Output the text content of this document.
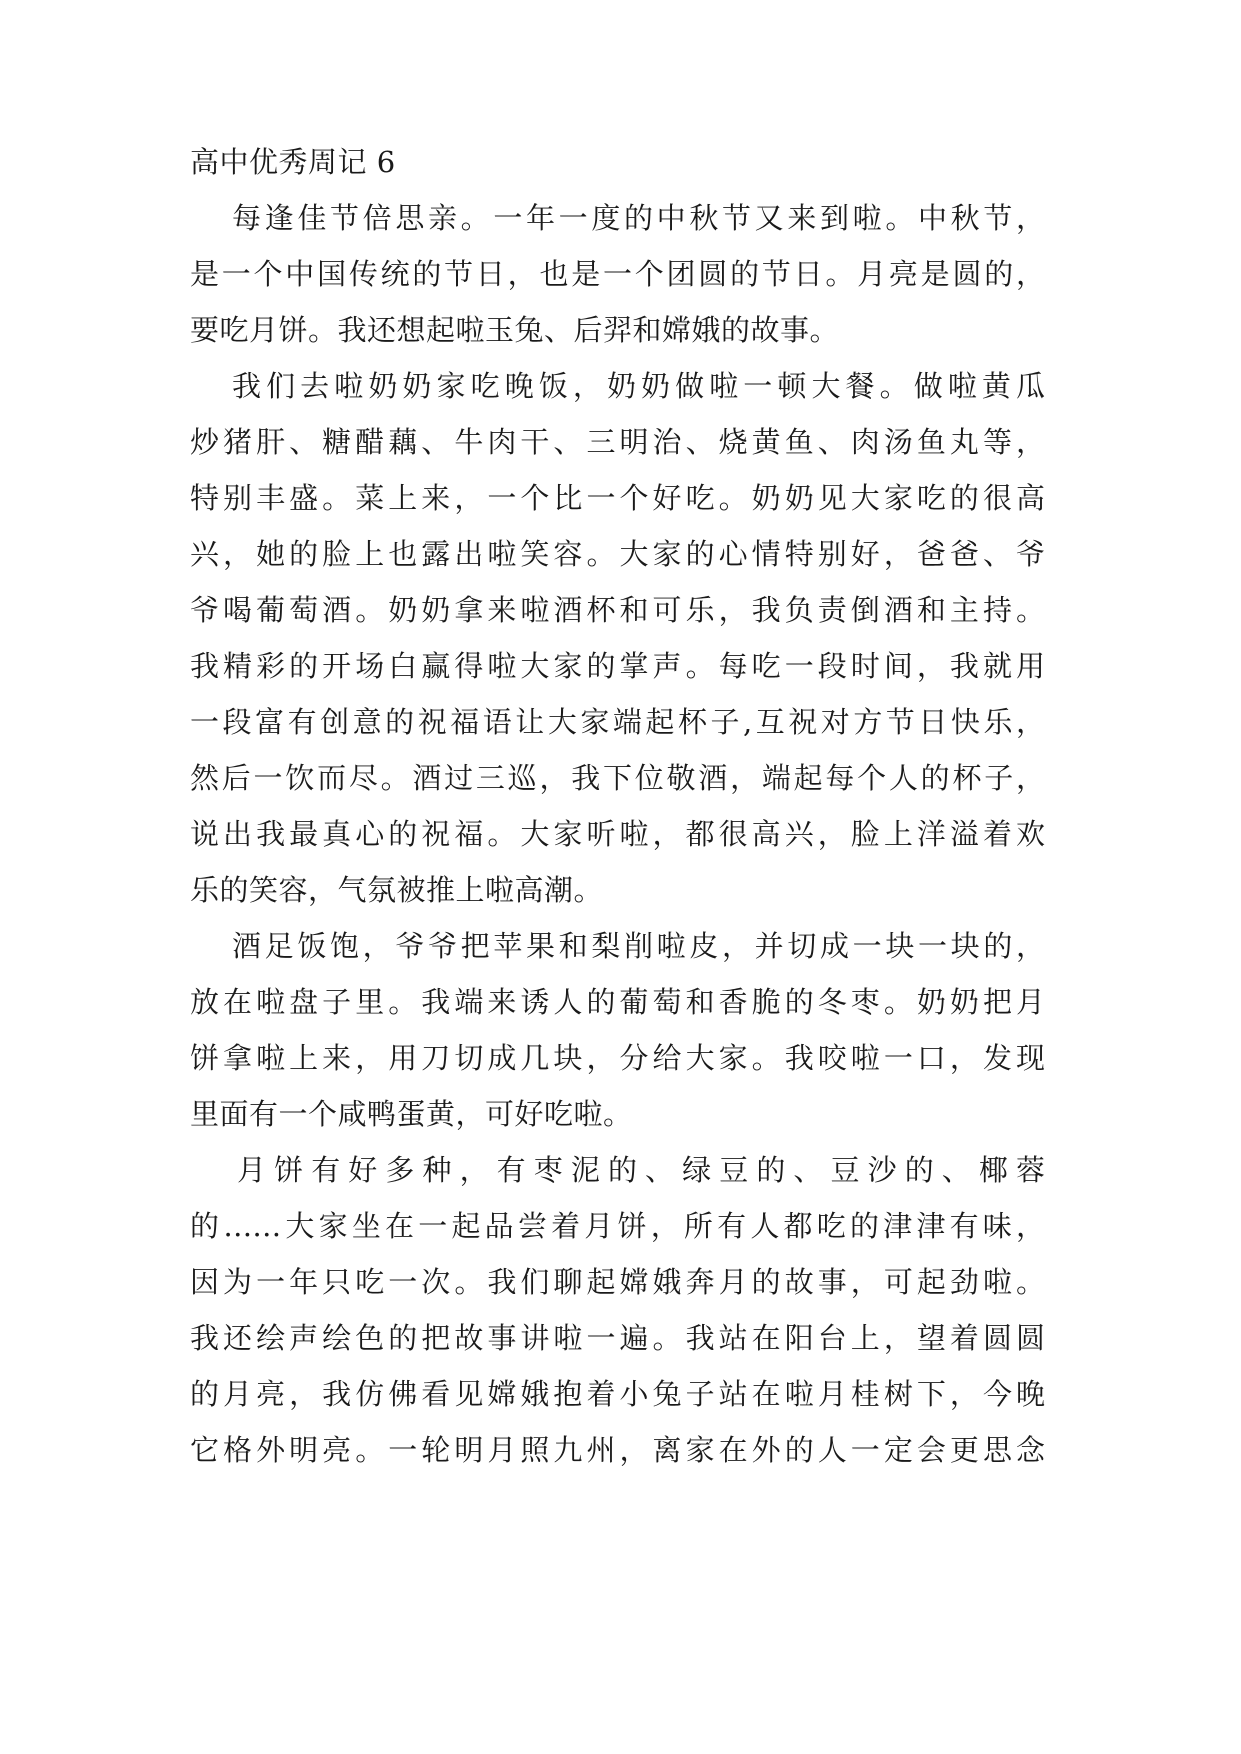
高中优秀周记 6
每逢佳节倍思亲。一年一度的中秋节又来到啦。中秋节，
是一个中国传统的节日，也是一个团圆的节日。月亮是圆的，
要吃月饼。我还想起啦玉兔、后羿和嫦娥的故事。
我们去啦奶奶家吃晚饭，奶奶做啦一顿大餐。做啦黄瓜
炒猪肝、糖醋藕、牛肉干、三明治、烧黄鱼、肉汤鱼丸等，
特别丰盛。菜上来，一个比一个好吃。奶奶见大家吃的很高
兴，她的脸上也露出啦笑容。大家的心情特别好，爸爸、爷
爷喝葡萄酒。奶奶拿来啦酒杯和可乐，我负责倒酒和主持。
我精彩的开场白赢得啦大家的掌声。每吃一段时间，我就用
一段富有创意的祝福语让大家端起杯子,互祝对方节日快乐，
然后一饮而尽。酒过三巡，我下位敬酒，端起每个人的杯子，
说出我最真心的祝福。大家听啦，都很高兴，脸上洋溢着欢
乐的笑容，气氛被推上啦高潮。
酒足饭饱，爷爷把苹果和梨削啦皮，并切成一块一块的，
放在啦盘子里。我端来诱人的葡萄和香脆的冬枣。奶奶把月
饼拿啦上来，用刀切成几块，分给大家。我咬啦一口，发现
里面有一个咸鸭蛋黄，可好吃啦。
月饼有好多种，有枣泥的、绿豆的、豆沙的、椰蓉
的……大家坐在一起品尝着月饼，所有人都吃的津津有味，
因为一年只吃一次。我们聊起嫦娥奔月的故事，可起劲啦。
我还绘声绘色的把故事讲啦一遍。我站在阳台上，望着圆圆
的月亮，我仿佛看见嫦娥抱着小兔子站在啦月桂树下，今晚
它格外明亮。一轮明月照九州，离家在外的人一定会更思念
